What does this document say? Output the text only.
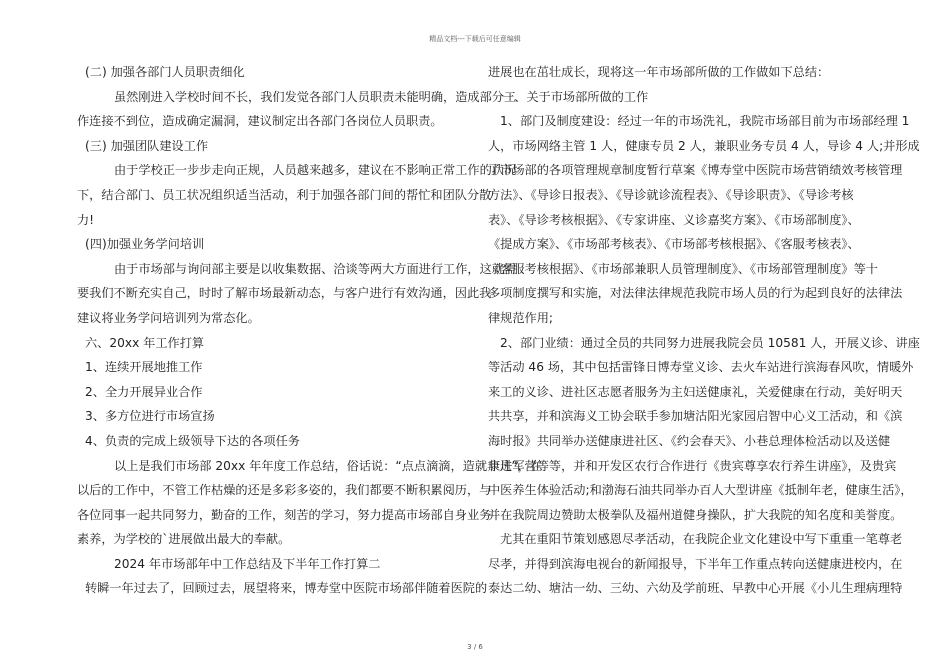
精品文档---下载后可任意编辑
(二) 加强各部门人员职责细化
虽然刚进入学校时间不长，我们发觉各部门人员职责未能明确，造成部分工
作连接不到位，造成确定漏洞，建议制定出各部门各岗位人员职责。
(三) 加强团队建设工作
由于学校正一步步走向正规，人员越来越多，建议在不影响正常工作的状况
下，结合部门、员工状况组织适当活动，利于加强各部门间的帮忙和团队分散
力!
(四)加强业务学问培训
由于市场部与询问部主要是以收集数据、洽谈等两大方面进行工作，这就需
要我们不断充实自己，时时了解市场最新动态，与客户进行有效沟通，因此我
建议将业务学问培训列为常态化。
六、20xx 年工作打算
1、连续开展地推工作
2、全力开展异业合作
3、多方位进行市场宣扬
4、负责的完成上级领导下达的各项任务
以上是我们市场部 20xx 年年度工作总结，俗话说：“点点滴滴，造就非凡”，在
以后的工作中，不管工作枯燥的还是多彩多姿的，我们都要不断积累阅历，与
各位同事一起共同努力，勤奋的工作，刻苦的学习，努力提高市场部自身业务
素养，为学校的`进展做出最大的奉献。
2024 年市场部年中工作总结及下半年工作打算二
转瞬一年过去了，回顾过去，展望将来，博寿堂中医院市场部伴随着医院的
进展也在茁壮成长，现将这一年市场部所做的工作做如下总结：
一、关于市场部所做的工作
1、部门及制度建设：经过一年的市场洗礼，我院市场部目前为市场部经理 1
人，市场网络主管 1 人，健康专员 2 人，兼职业务专员 4 人，导诊 4 人;并形成
了市场部的各项管理规章制度暂行草案《博寿堂中医院市场营销绩效考核管理
方法》、《导诊日报表》、《导诊就诊流程表》、《导诊职责》、《导诊考核
表》、《导诊考核根据》、《专家讲座、义诊嘉奖方案》、《市场部制度》、
《提成方案》、《市场部考核表》、《市场部考核根据》、《客服考核表》、
《客服考核根据》、《市场部兼职人员管理制度》、《市场部管理制度》等十
多项制度撰写和实施，对法律法律规范我院市场人员的行为起到良好的法律法
律规范作用;
2、部门业绩：通过全员的共同努力进展我院会员 10581 人，开展义诊、讲座
等活动 46 场，其中包括雷锋日博寿堂义诊、去火车站进行滨海春风吹，情暖外
来工的义诊、进社区志愿者服务为主妇送健康礼，关爱健康在行动，美好明天
共共享，并和滨海义工协会联手参加塘沽阳光家园启智中心义工活动，和《滨
海时报》共同举办送健康进社区、《约会春天》、小巷总理体检活动以及送健
康进军营等等，并和开发区农行合作进行《贵宾尊享农行养生讲座》，及贵宾
中医养生体验活动;和渤海石油共同举办百人大型讲座《抵制年老，健康生活》，
并在我院周边赞助太极拳队及福州道健身操队，扩大我院的知名度和美誉度。
尤其在重阳节策划感恩尽孝活动，在我院企业文化建设中写下重重一笔尊老
尽孝，并得到滨海电视台的新闻报导，下半年工作重点转向送健康进校内，在
泰达二幼、塘沽一幼、三幼、六幼及学前班、早教中心开展《小儿生理病理特
3 / 6
